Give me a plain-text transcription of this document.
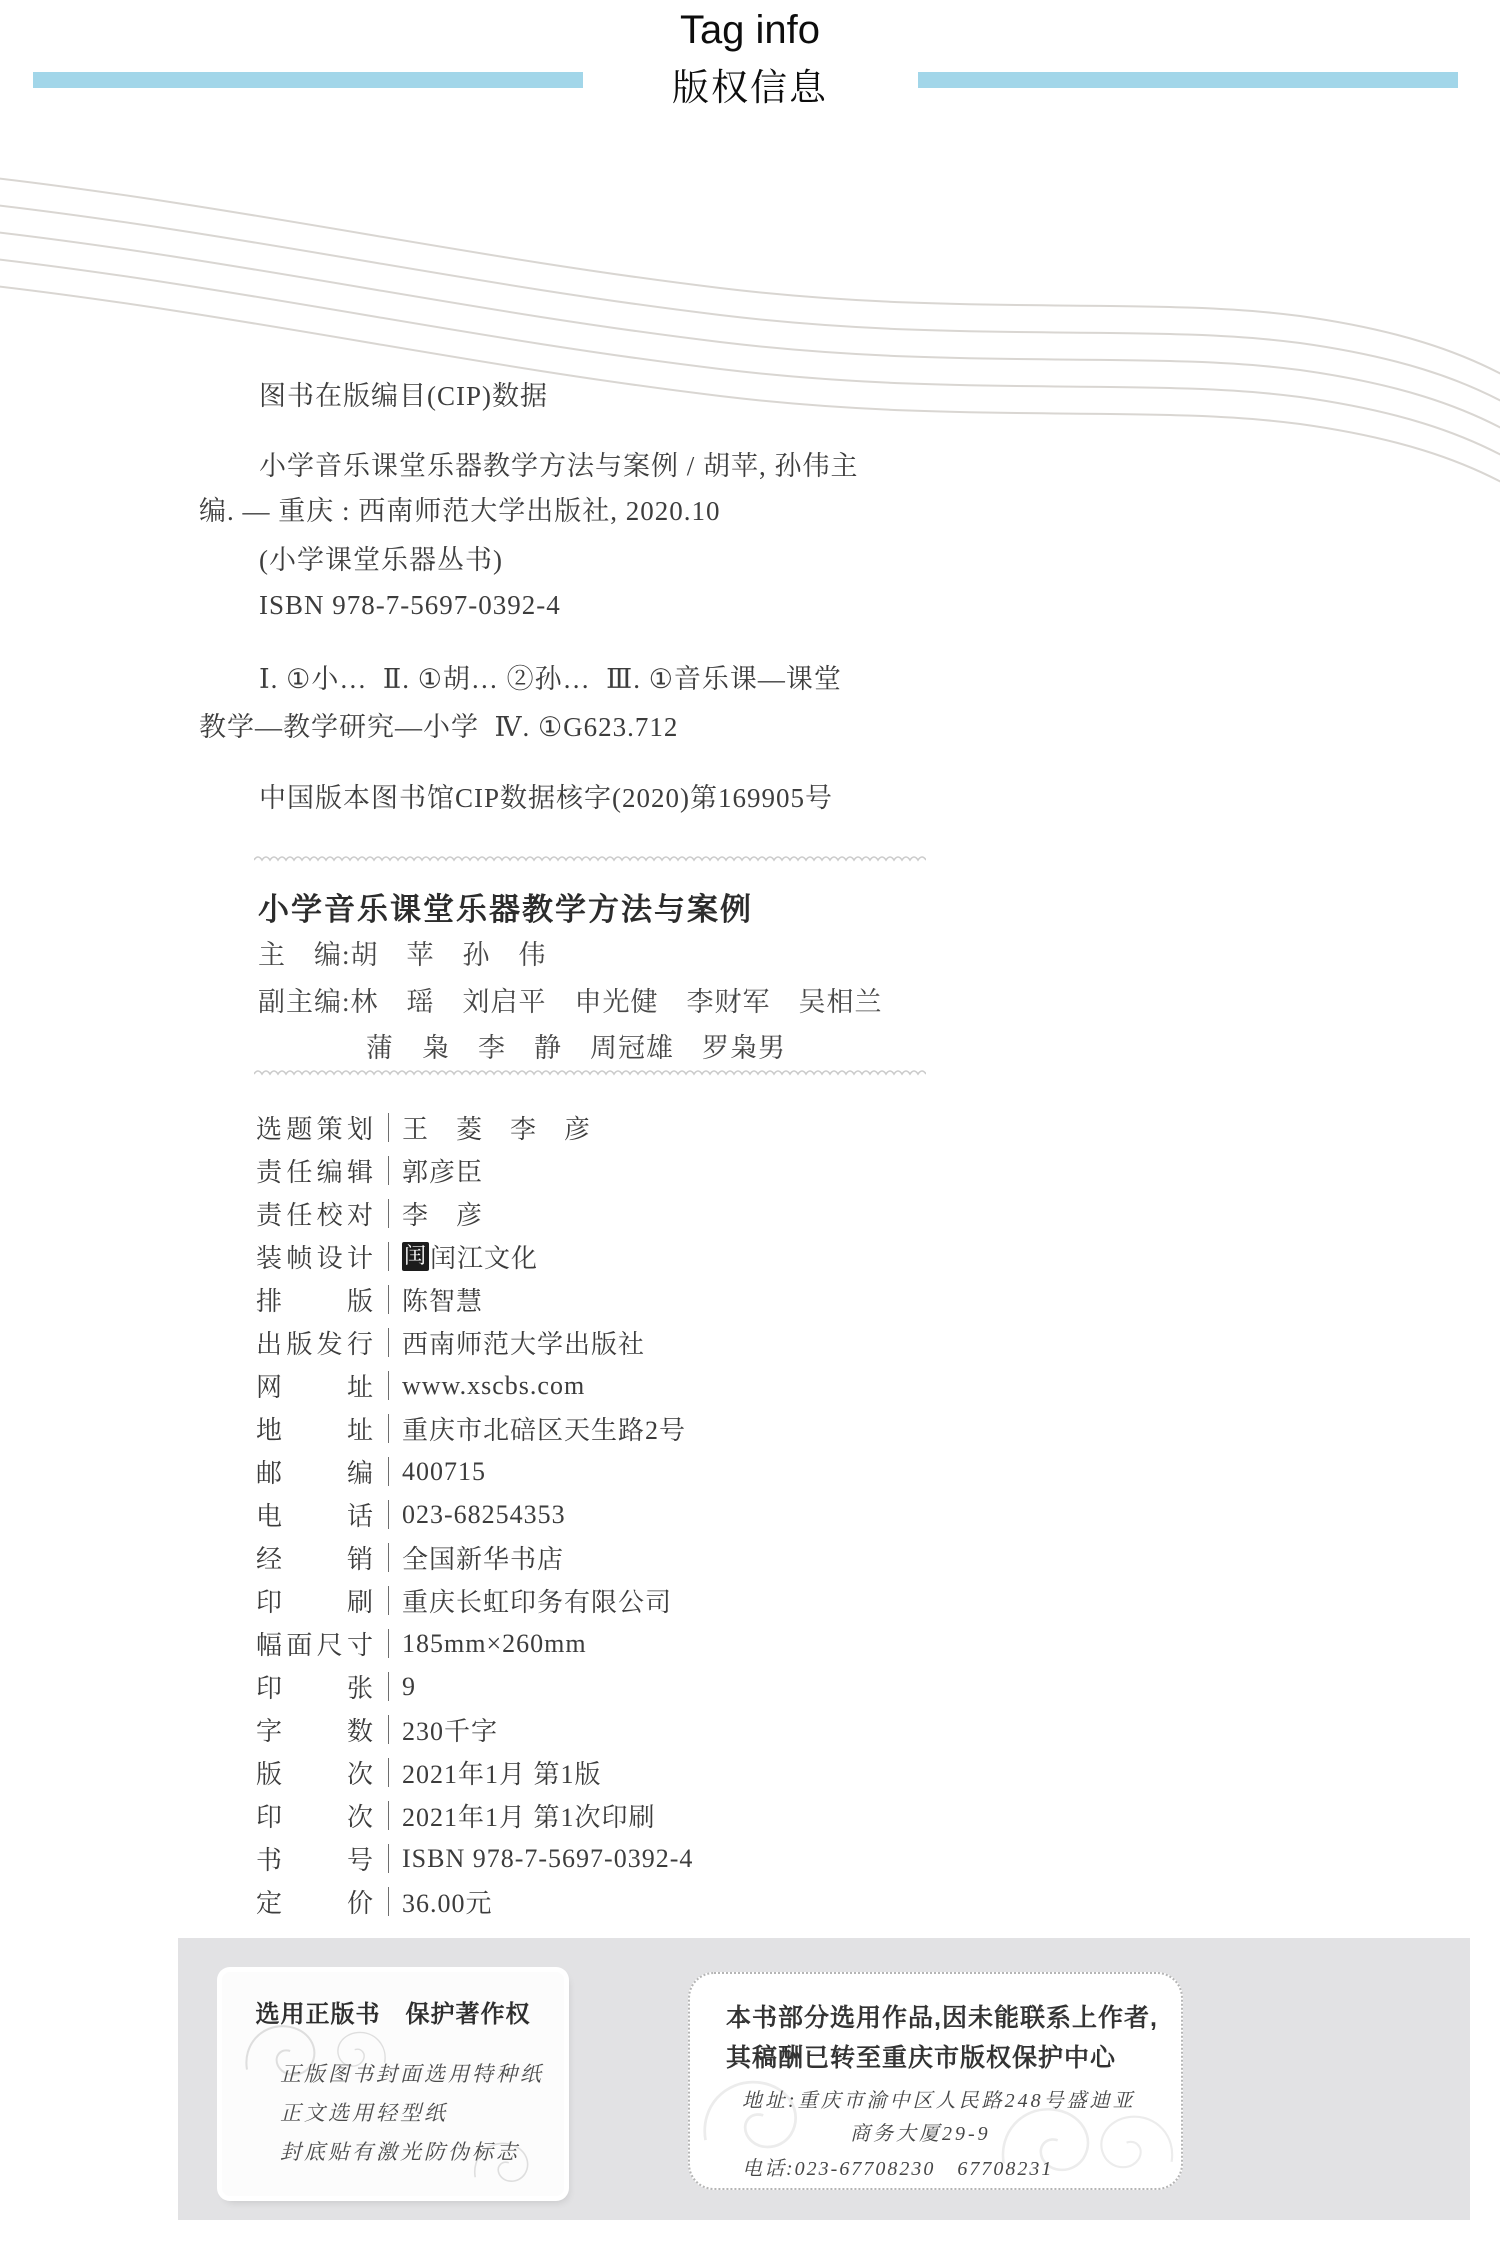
Tag info
版权信息
图书在版编目(CIP)数据
小学音乐课堂乐器教学方法与案例 / 胡苹, 孙伟主
编. — 重庆 : 西南师范大学出版社, 2020.10
(小学课堂乐器丛书)
ISBN 978-7-5697-0392-4
Ⅰ. ①小…  Ⅱ. ①胡… ②孙…  Ⅲ. ①音乐课—课堂
教学—教学研究—小学  Ⅳ. ①G623.712
中国版本图书馆CIP数据核字(2020)第169905号
小学音乐课堂乐器教学方法与案例
主　编:胡　苹　孙　伟
副主编:林　瑶　刘启平　申光健　李财军　吴相兰
蒲　枭　李　静　周冠雄　罗枭男
选题策划 王　菱　李　彦
责任编辑 郭彦臣
责任校对 李　彦
装帧设计 闰 闰江文化
排版 陈智慧
出版发行 西南师范大学出版社
网址 www.xscbs.com
地址 重庆市北碚区天生路2号
邮编 400715
电话 023-68254353
经销 全国新华书店
印刷 重庆长虹印务有限公司
幅面尺寸 185mm×260mm
印张 9
字数 230千字
版次 2021年1月 第1版
印次 2021年1月 第1次印刷
书号 ISBN 978-7-5697-0392-4
定价 36.00元
选用正版书　保护著作权
正版图书封面选用特种纸
正文选用轻型纸
封底贴有激光防伪标志
本书部分选用作品,因未能联系上作者,
其稿酬已转至重庆市版权保护中心
地址:重庆市渝中区人民路248号盛迪亚
商务大厦29-9
电话:023-67708230　67708231
